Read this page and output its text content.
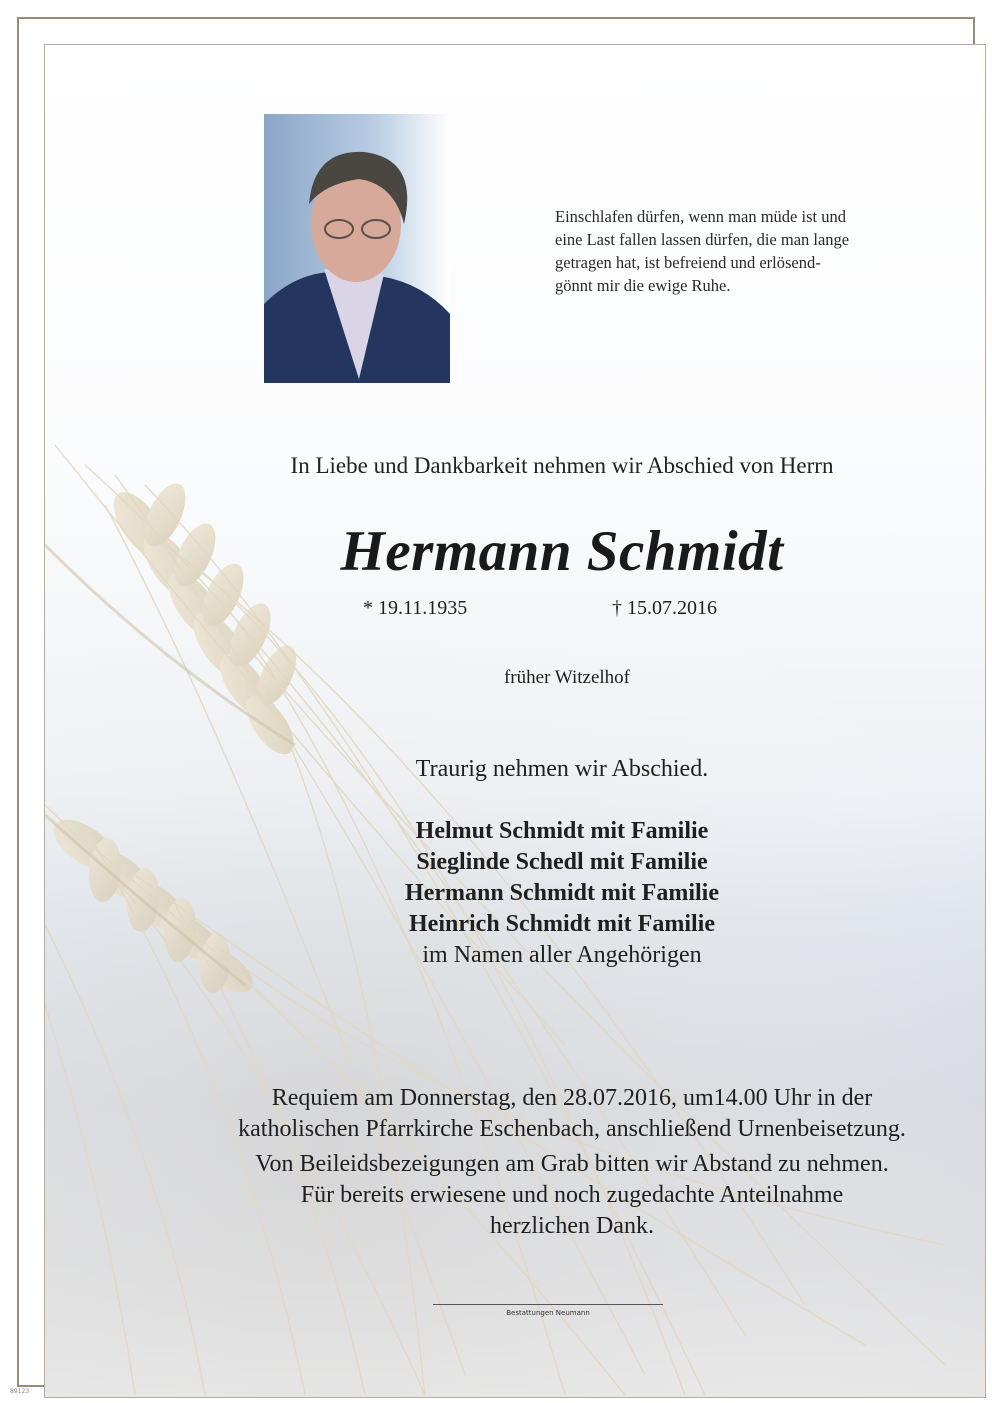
Einschlafen dürfen, wenn man müde ist und
eine Last fallen lassen dürfen, die man lange
getragen hat, ist befreiend und erlösend-
gönnt mir die ewige Ruhe.
In Liebe und Dankbarkeit nehmen wir Abschied von Herrn
Hermann Schmidt
* 19.11.1935	† 15.07.2016
früher Witzelhof
Traurig nehmen wir Abschied.
Helmut Schmidt mit Familie
Sieglinde Schedl mit Familie
Hermann Schmidt mit Familie
Heinrich Schmidt mit Familie
im Namen aller Angehörigen
Requiem am Donnerstag, den 28.07.2016, um14.00 Uhr in der
katholischen Pfarrkirche Eschenbach, anschließend Urnenbeisetzung.
Von Beileidsbezeigungen am Grab bitten wir Abstand zu nehmen.
Für bereits erwiesene und noch zugedachte Anteilnahme
herzlichen Dank.
Bestattungen Neumann
89123
